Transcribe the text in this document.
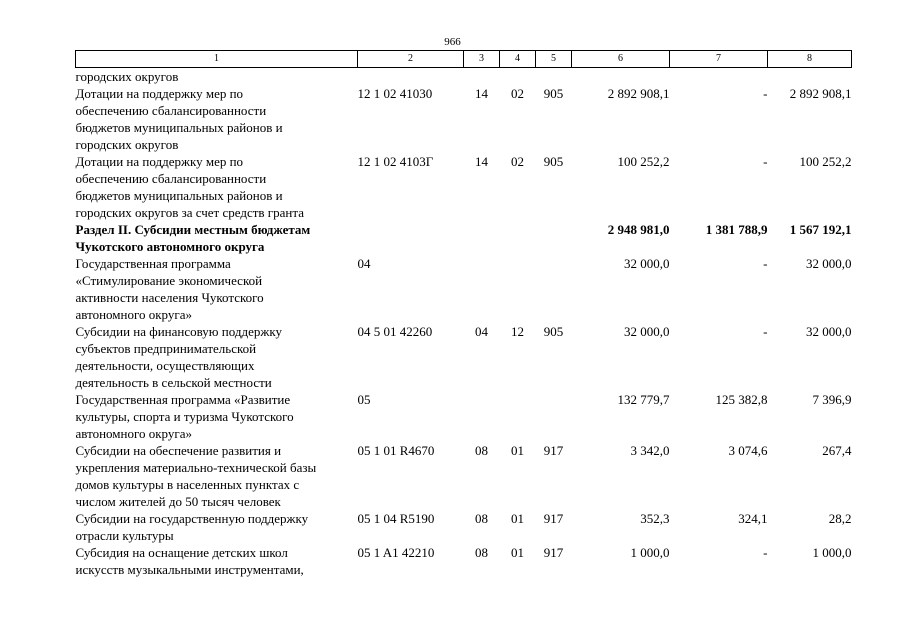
966
1	2	3	4	5	6	7	8
городских округов							
Дотации на поддержку мер по
обеспечению сбалансированности
бюджетов муниципальных районов и
городских округов	12 1 02 41030	14	02	905	2 892 908,1	-	2 892 908,1
Дотации на поддержку мер по
обеспечению сбалансированности
бюджетов муниципальных районов и
городских округов за счет средств гранта	12 1 02 4103Г	14	02	905	100 252,2	-	100 252,2
Раздел II. Субсидии местным бюджетам
Чукотского автономного округа					2 948 981,0	1 381 788,9	1 567 192,1
Государственная программа
«Стимулирование экономической
активности населения Чукотского
автономного округа»	04				32 000,0	-	32 000,0
Субсидии на финансовую поддержку
субъектов предпринимательской
деятельности, осуществляющих
деятельность в сельской местности	04 5 01 42260	04	12	905	32 000,0	-	32 000,0
Государственная программа «Развитие
культуры, спорта и туризма Чукотского
автономного округа»	05				132 779,7	125 382,8	7 396,9
Субсидии на обеспечение развития и
укрепления материально-технической базы
домов культуры в населенных пунктах с
числом жителей до 50 тысяч человек	05 1 01 R4670	08	01	917	3 342,0	3 074,6	267,4
Субсидии на государственную поддержку
отрасли культуры	05 1 04 R5190	08	01	917	352,3	324,1	28,2
Субсидия на оснащение детских школ
искусств музыкальными инструментами,	05 1 A1 42210	08	01	917	1 000,0	-	1 000,0
